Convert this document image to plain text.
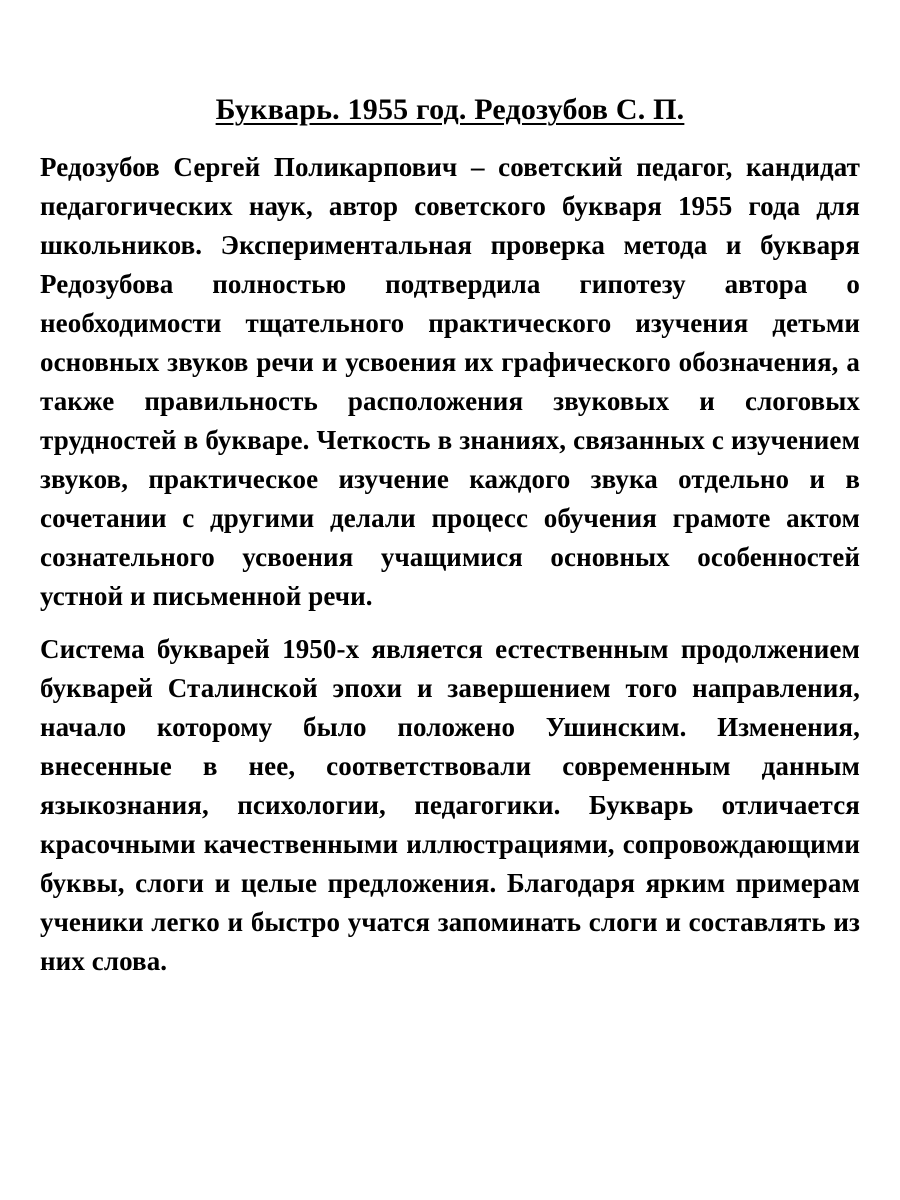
Букварь. 1955 год. Редозубов С. П.

Редозубов Сергей Поликарпович – советский педагог, кандидат педагогических наук, автор советского букваря 1955 года для школьников. Экспериментальная проверка метода и букваря Редозубова полностью подтвердила гипотезу автора о необходимости тщательного практического изучения детьми основных звуков речи и усвоения их графического обозначения, а также правильность расположения звуковых и слоговых трудностей в букваре. Четкость в знаниях, связанных с изучением звуков, практическое изучение каждого звука отдельно и в сочетании с другими делали процесс обучения грамоте актом сознательного усвоения учащимися основных особенностей устной и письменной речи.

Система букварей 1950-х является естественным продолжением букварей Сталинской эпохи и завершением того направления, начало которому было положено Ушинским. Изменения, внесенные в нее, соответствовали современным данным языкознания, психологии, педагогики. Букварь отличается красочными качественными иллюстрациями, сопровождающими буквы, слоги и целые предложения. Благодаря ярким примерам ученики легко и быстро учатся запоминать слоги и составлять из них слова.
